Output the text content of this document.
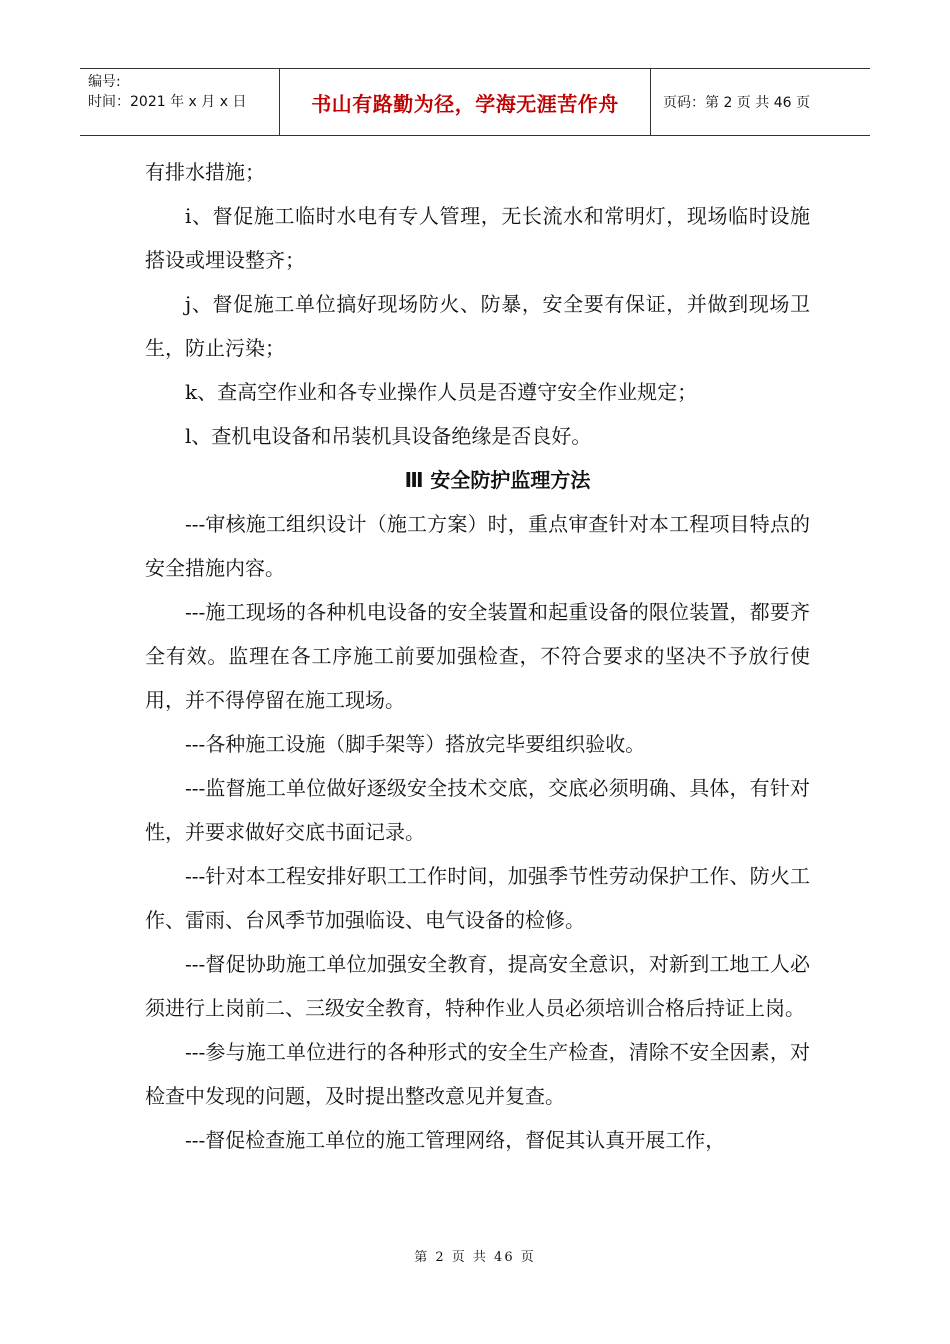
编号:
时间：2021 年 x 月 x 日	书山有路勤为径，学海无涯苦作舟	页码：第 2 页 共 46 页

有排水措施；

i、督促施工临时水电有专人管理，无长流水和常明灯，现场临时设施搭设或埋设整齐；

j、督促施工单位搞好现场防火、防暴，安全要有保证，并做到现场卫生，防止污染；

k、查高空作业和各专业操作人员是否遵守安全作业规定；

l、查机电设备和吊装机具设备绝缘是否良好。

Ⅲ 安全防护监理方法

---审核施工组织设计（施工方案）时，重点审查针对本工程项目特点的安全措施内容。

---施工现场的各种机电设备的安全装置和起重设备的限位装置，都要齐全有效。监理在各工序施工前要加强检查，不符合要求的坚决不予放行使用，并不得停留在施工现场。

---各种施工设施（脚手架等）搭放完毕要组织验收。

---监督施工单位做好逐级安全技术交底，交底必须明确、具体，有针对性，并要求做好交底书面记录。

---针对本工程安排好职工工作时间，加强季节性劳动保护工作、防火工作、雷雨、台风季节加强临设、电气设备的检修。

---督促协助施工单位加强安全教育，提高安全意识，对新到工地工人必须进行上岗前二、三级安全教育，特种作业人员必须培训合格后持证上岗。

---参与施工单位进行的各种形式的安全生产检查，清除不安全因素，对检查中发现的问题，及时提出整改意见并复查。

---督促检查施工单位的施工管理网络，督促其认真开展工作，

第 2 页 共 46 页
